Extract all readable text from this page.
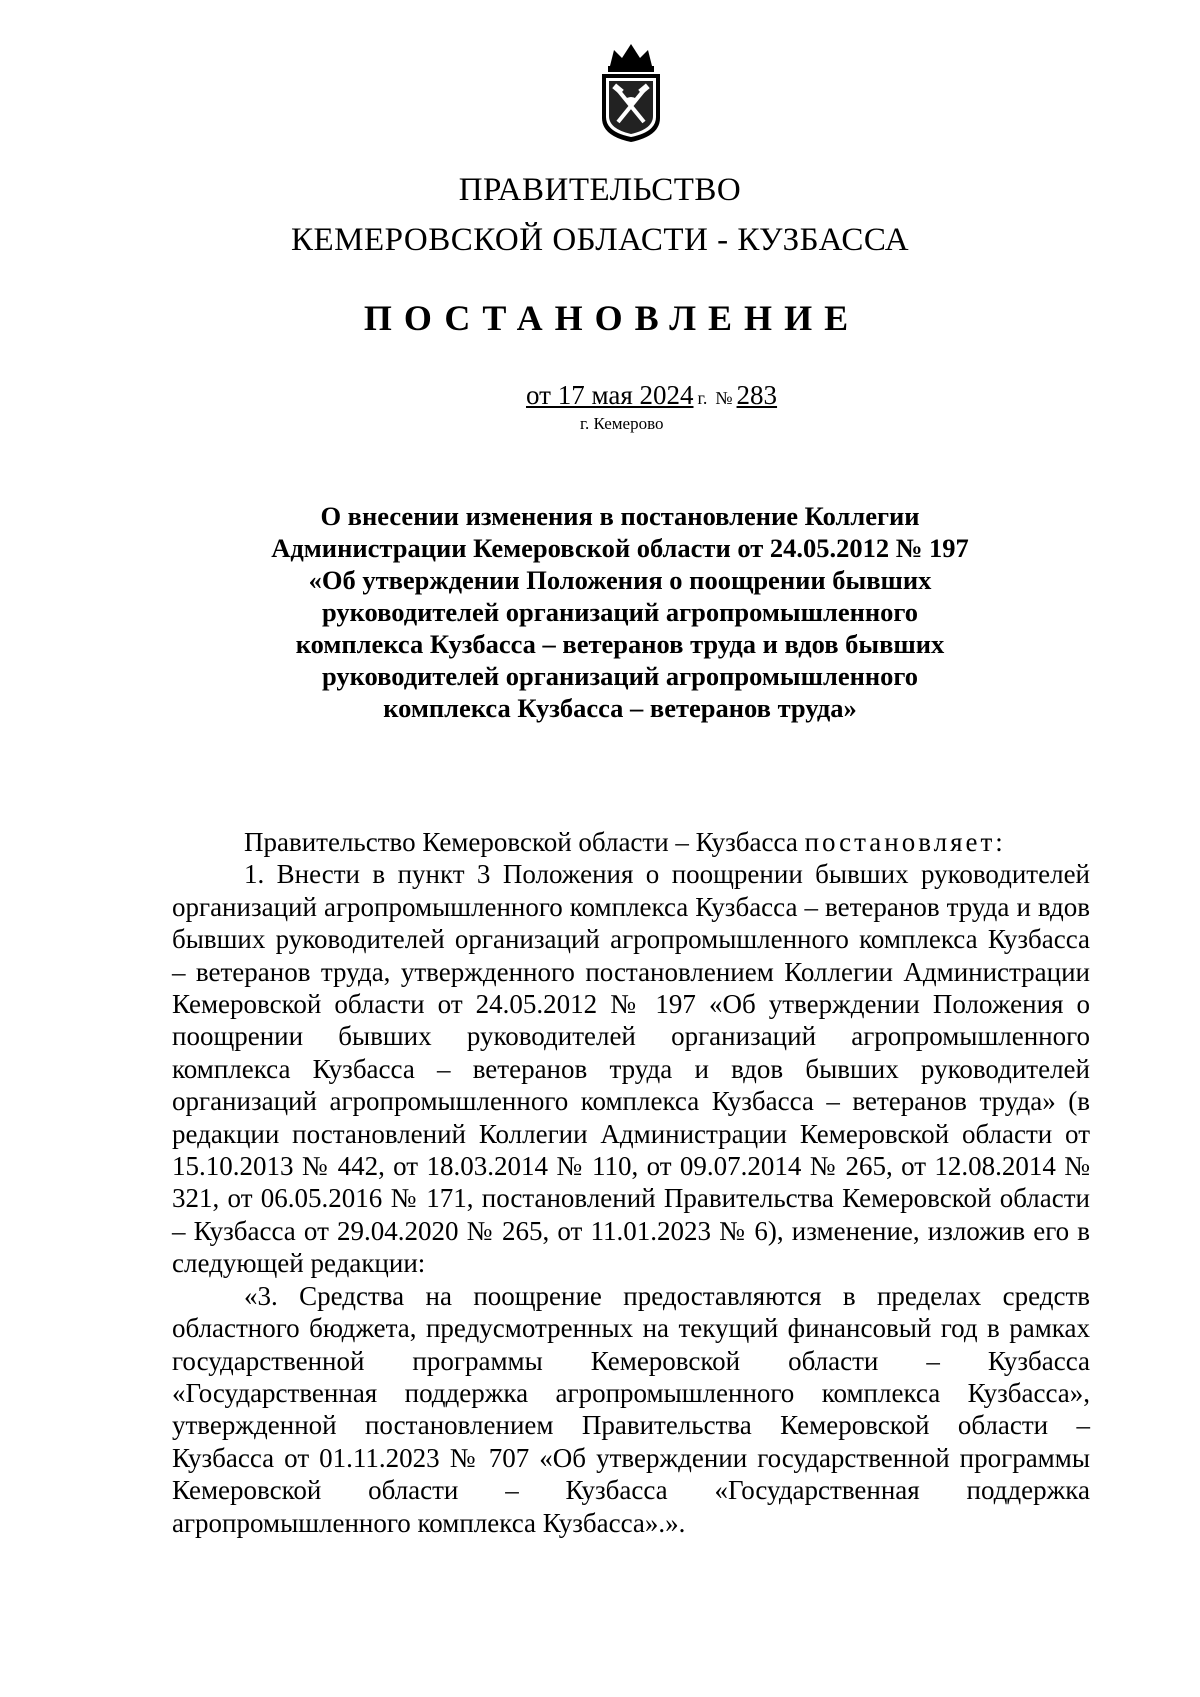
ПРАВИТЕЛЬСТВО
КЕМЕРОВСКОЙ ОБЛАСТИ - КУЗБАССА
ПОСТАНОВЛЕНИЕ
от 17 мая 2024 г. № 283
г. Кемерово
О внесении изменения в постановление Коллегии Администрации Кемеровской области от 24.05.2012 № 197 «Об утверждении Положения о поощрении бывших руководителей организаций агропромышленного комплекса Кузбасса – ветеранов труда и вдов бывших руководителей организаций агропромышленного комплекса Кузбасса – ветеранов труда»

Правительство Кемеровской области – Кузбасса постановляет:

1. Внести в пункт 3 Положения о поощрении бывших руководителей организаций агропромышленного комплекса Кузбасса – ветеранов труда и вдов бывших руководителей организаций агропромышленного комплекса Кузбасса – ветеранов труда, утвержденного постановлением Коллегии Администрации Кемеровской области от 24.05.2012 № 197 «Об утверждении Положения о поощрении бывших руководителей организаций агропромышленного комплекса Кузбасса – ветеранов труда и вдов бывших руководителей организаций агропромышленного комплекса Кузбасса – ветеранов труда» (в редакции постановлений Коллегии Администрации Кемеровской области от 15.10.2013 № 442, от 18.03.2014 № 110, от 09.07.2014 № 265, от 12.08.2014 № 321, от 06.05.2016 № 171, постановлений Правительства Кемеровской области – Кузбасса от 29.04.2020 № 265, от 11.01.2023 № 6), изменение, изложив его в следующей редакции:

«3. Средства на поощрение предоставляются в пределах средств областного бюджета, предусмотренных на текущий финансовый год в рамках государственной программы Кемеровской области – Кузбасса «Государственная поддержка агропромышленного комплекса Кузбасса», утвержденной постановлением Правительства Кемеровской области – Кузбасса от 01.11.2023 № 707 «Об утверждении государственной программы Кемеровской области – Кузбасса «Государственная поддержка агропромышленного комплекса Кузбасса».».
